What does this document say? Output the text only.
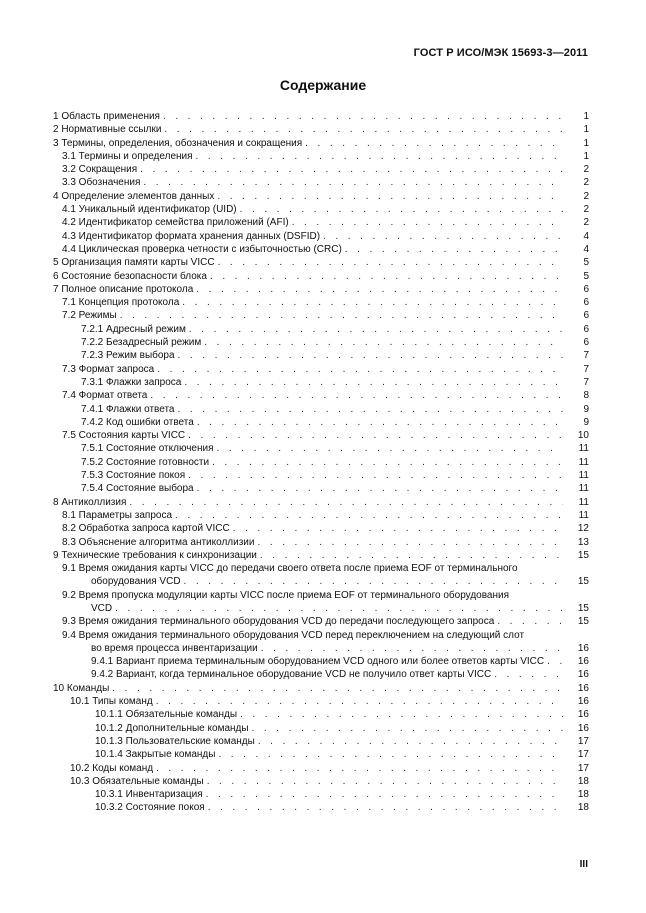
ГОСТ Р ИСО/МЭК 15693-3—2011
Содержание
1 Область применения . . .	1
2 Нормативные ссылки . . .	1
3 Термины, определения, обозначения и сокращения . . .	1
3.1 Термины и определения . . .	1
3.2 Сокращения . . .	2
3.3 Обозначения . . .	2
4 Определение элементов данных . . .	2
4.1 Уникальный идентификатор (UID) . . .	2
4.2 Идентификатор семейства приложений (AFI) . . .	2
4.3 Идентификатор формата хранения данных (DSFID) . . .	4
4.4 Циклическая проверка четности с избыточностью (CRC) . . .	4
5 Организация памяти карты VICC . . .	5
6 Состояние безопасности блока . . .	5
7 Полное описание протокола . . .	6
7.1 Концепция протокола . . .	6
7.2 Режимы . . .	6
7.2.1 Адресный режим . . .	6
7.2.2 Безадресный режим . . .	6
7.2.3 Режим выбора . . .	7
7.3 Формат запроса . . .	7
7.3.1 Флажки запроса . . .	7
7.4 Формат ответа . . .	8
7.4.1 Флажки ответа . . .	9
7.4.2 Код ошибки ответа . . .	9
7.5 Состояния карты VICC . . .	10
7.5.1 Состояние отключения . . .	11
7.5.2 Состояние готовности . . .	11
7.5.3 Состояние покоя . . .	11
7.5.4 Состояние выбора . . .	11
8 Антиколлизия . . .	11
8.1 Параметры запроса . . .	11
8.2 Обработка запроса картой VICC . . .	12
8.3 Объяснение алгоритма антиколлизии . . .	13
9 Технические требования к синхронизации . . .	15
9.1 Время ожидания карты VICC до передачи своего ответа после приема EOF от терминального
оборудования VCD . . .	15
9.2 Время пропуска модуляции карты VICC после приема EOF от терминального оборудования
VCD . . .	15
9.3 Время ожидания терминального оборудования VCD до передачи последующего запроса . . .	15
9.4 Время ожидания терминального оборудования VCD перед переключением на следующий слот
во время процесса инвентаризации . . .	16
9.4.1 Вариант приема терминальным оборудованием VCD одного или более ответов карты VICC . . .	16
9.4.2 Вариант, когда терминальное оборудование VCD не получило ответ карты VICC . . .	16
10 Команды . . .	16
10.1 Типы команд . . .	16
10.1.1 Обязательные команды . . .	16
10.1.2 Дополнительные команды . . .	16
10.1.3 Пользовательские команды . . .	17
10.1.4 Закрытые команды . . .	17
10.2 Коды команд . . .	17
10.3 Обязательные команды . . .	18
10.3.1 Инвентаризация . . .	18
10.3.2 Состояние покоя . . .	18
III
